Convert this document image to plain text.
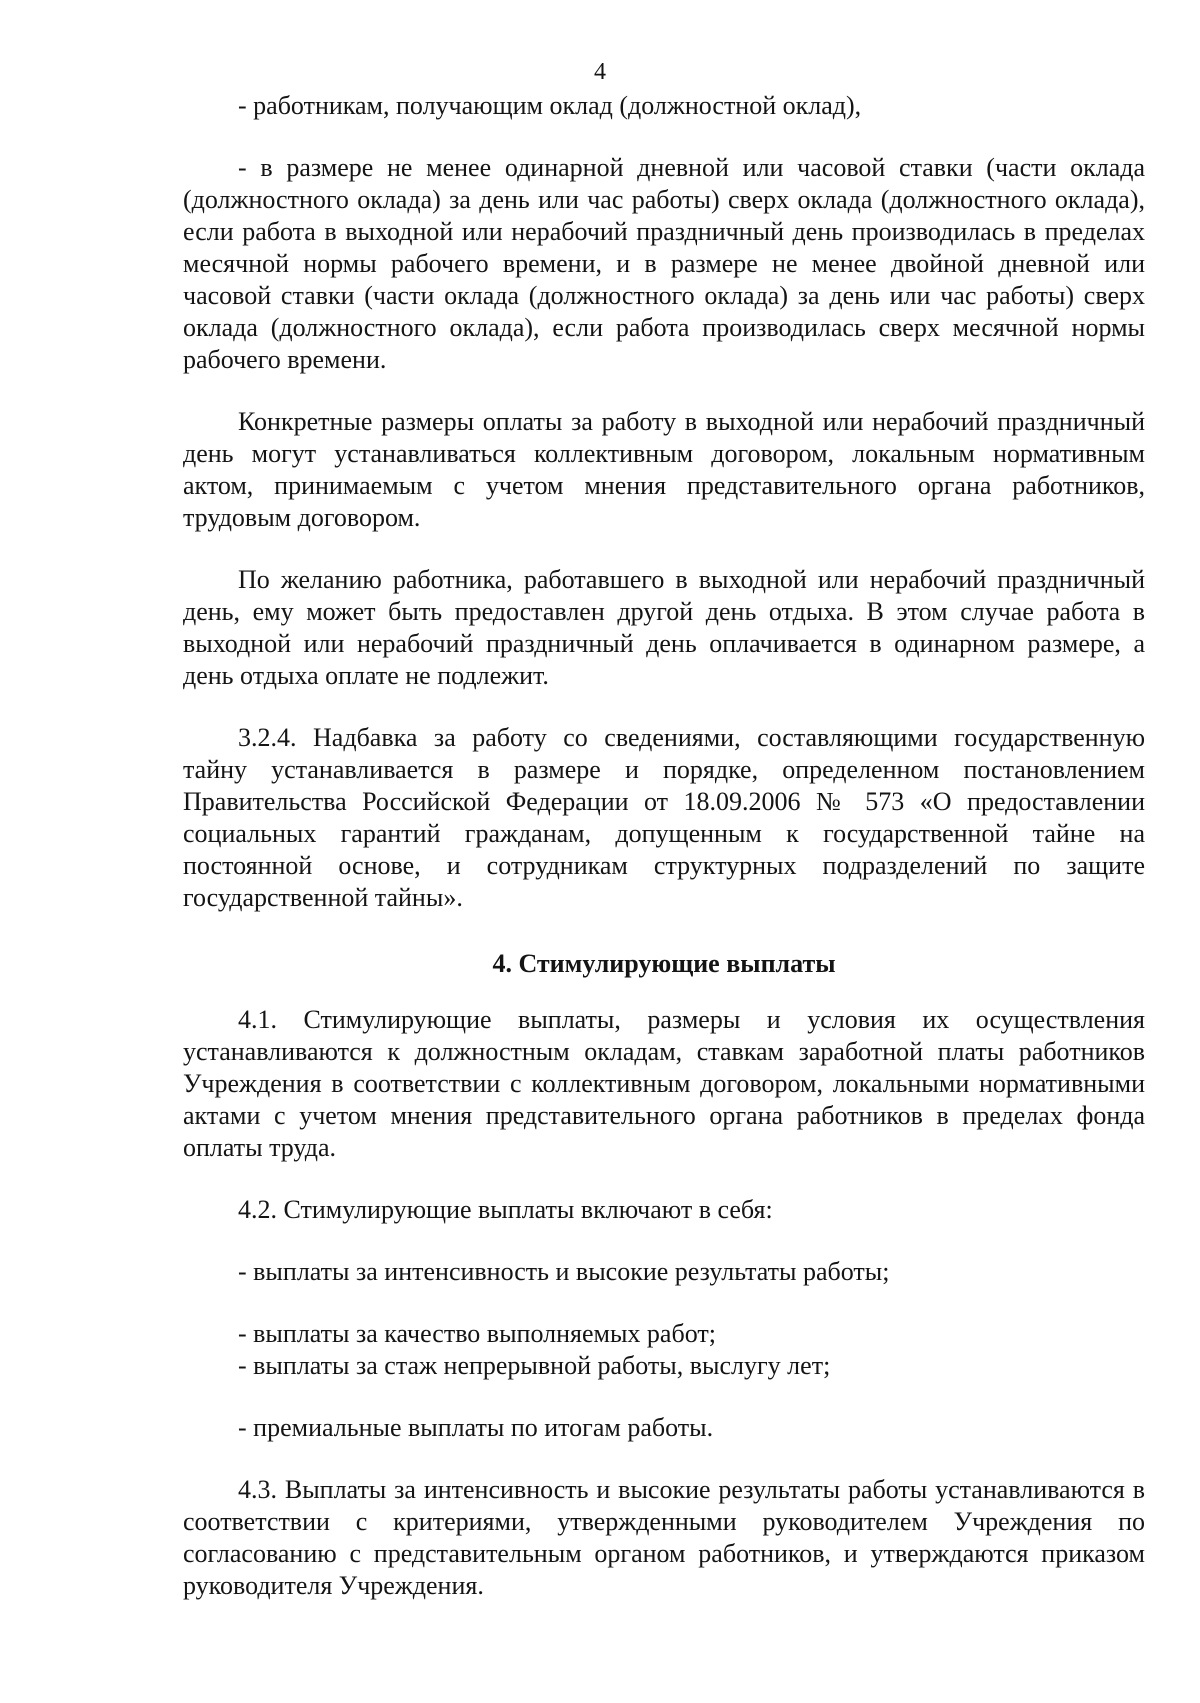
4

- работникам, получающим оклад (должностной оклад),

- в размере не менее одинарной дневной или часовой ставки (части оклада (должностного оклада) за день или час работы) сверх оклада (должностного оклада), если работа в выходной или нерабочий праздничный день производилась в пределах месячной нормы рабочего времени, и в размере не менее двойной дневной или часовой ставки (части оклада (должностного оклада) за день или час работы) сверх оклада (должностного оклада), если работа производилась сверх месячной нормы рабочего времени.

Конкретные размеры оплаты за работу в выходной или нерабочий праздничный день могут устанавливаться коллективным договором, локальным нормативным актом, принимаемым с учетом мнения представительного органа работников, трудовым договором.

По желанию работника, работавшего в выходной или нерабочий праздничный день, ему может быть предоставлен другой день отдыха. В этом случае работа в выходной или нерабочий праздничный день оплачивается в одинарном размере, а день отдыха оплате не подлежит.

3.2.4. Надбавка за работу со сведениями, составляющими государственную тайну устанавливается в размере и порядке, определенном постановлением Правительства Российской Федерации от 18.09.2006 № 573 «О предоставлении социальных гарантий гражданам, допущенным к государственной тайне на постоянной основе, и сотрудникам структурных подразделений по защите государственной тайны».

4. Стимулирующие выплаты

4.1. Стимулирующие выплаты, размеры и условия их осуществления устанавливаются к должностным окладам, ставкам заработной платы работников Учреждения в соответствии с коллективным договором, локальными нормативными актами с учетом мнения представительного органа работников в пределах фонда оплаты труда.

4.2. Стимулирующие выплаты включают в себя:

- выплаты за интенсивность и высокие результаты работы;

- выплаты за качество выполняемых работ;

- выплаты за стаж непрерывной работы, выслугу лет;

- премиальные выплаты по итогам работы.

4.3. Выплаты за интенсивность и высокие результаты работы устанавливаются в соответствии с критериями, утвержденными руководителем Учреждения по согласованию с представительным органом работников, и утверждаются приказом руководителя Учреждения.
